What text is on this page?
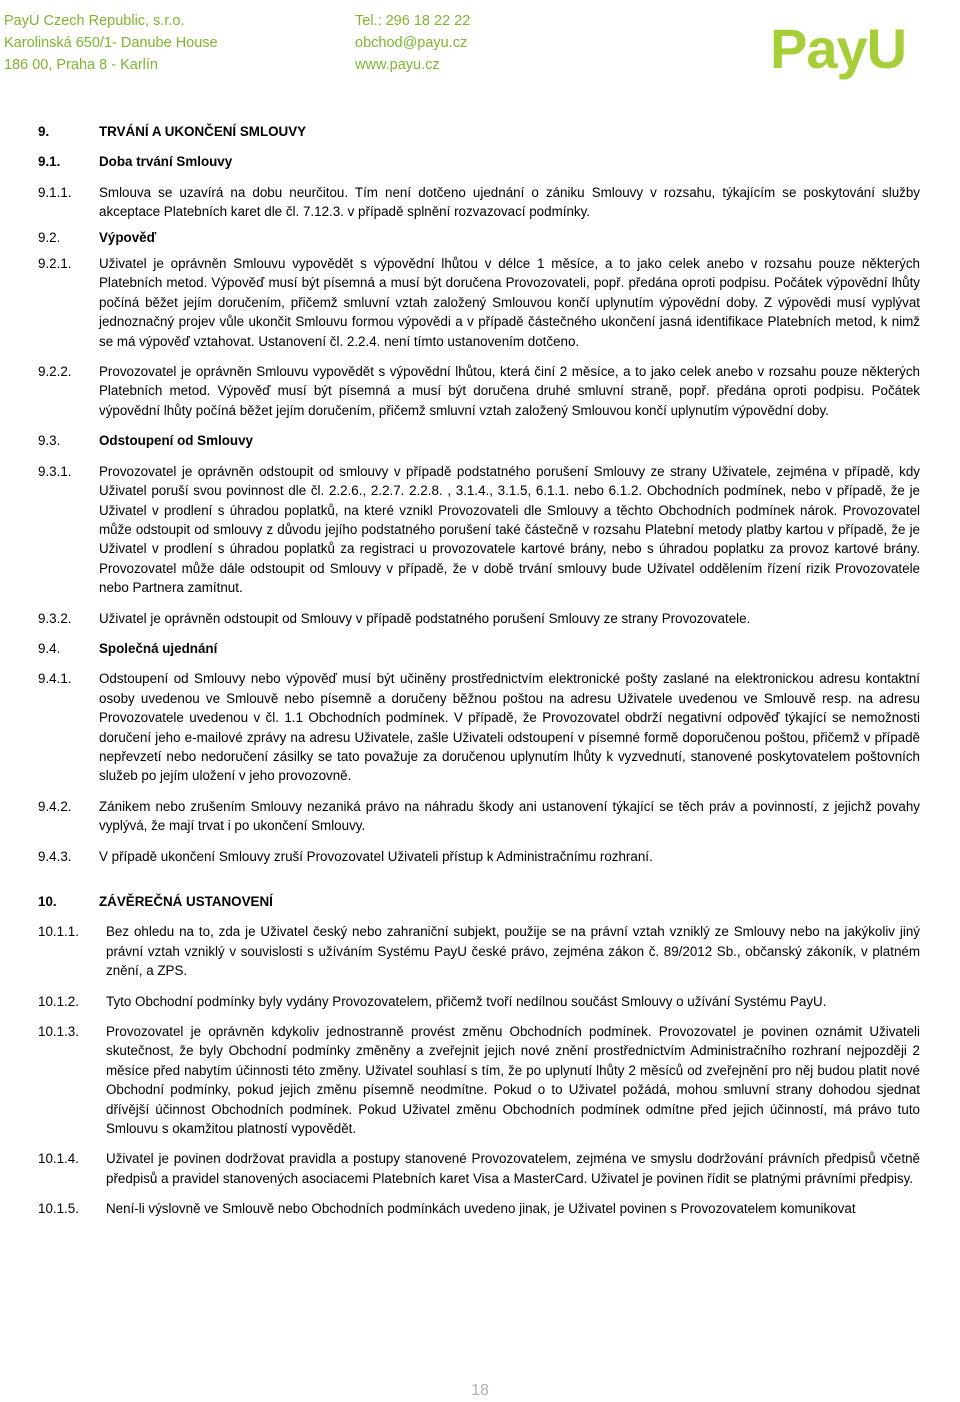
PayU Czech Republic, s.r.o.
Karolinská 650/1- Danube House
186 00, Praha 8 - Karlín
Tel.: 296 18 22 22
obchod@payu.cz
www.payu.cz	PayU
9.	TRVÁNÍ A UKONČENÍ SMLOUVY
9.1.	Doba trvání Smlouvy
9.1.1. Smlouva se uzavírá na dobu neurčitou. Tím není dotčeno ujednání o zániku Smlouvy v rozsahu, týkajícím se poskytování služby akceptace Platebních karet dle čl. 7.12.3. v případě splnění rozvazovací podmínky.
9.2.	Výpověď
9.2.1. Uživatel je oprávněn Smlouvu vypovědět s výpovědní lhůtou v délce 1 měsíce, a to jako celek anebo v rozsahu pouze některých Platebních metod. Výpověď musí být písemná a musí být doručena Provozovateli, popř. předána oproti podpisu. Počátek výpovědní lhůty počíná běžet jejím doručením, přičemž smluvní vztah založený Smlouvou končí uplynutím výpovědní doby. Z výpovědi musí vyplývat jednoznačný projev vůle ukončit Smlouvu formou výpovědi a v případě částečného ukončení jasná identifikace Platebních metod, k nimž se má výpověď vztahovat. Ustanovení čl. 2.2.4. není tímto ustanovením dotčeno.
9.2.2. Provozovatel je oprávněn Smlouvu vypovědět s výpovědní lhůtou, která činí 2 měsíce, a to jako celek anebo v rozsahu pouze některých Platebních metod. Výpověď musí být písemná a musí být doručena druhé smluvní straně, popř. předána oproti podpisu. Počátek výpovědní lhůty počíná běžet jejím doručením, přičemž smluvní vztah založený Smlouvou končí uplynutím výpovědní doby.
9.3.	Odstoupení od Smlouvy
9.3.1. Provozovatel je oprávněn odstoupit od smlouvy v případě podstatného porušení Smlouvy ze strany Uživatele, zejména v případě, kdy Uživatel poruší svou povinnost dle čl. 2.2.6., 2.2.7. 2.2.8. , 3.1.4., 3.1.5, 6.1.1. nebo 6.1.2. Obchodních podmínek, nebo v případě, že je Uživatel v prodlení s úhradou poplatků, na které vznikl Provozovateli dle Smlouvy a těchto Obchodních podmínek nárok. Provozovatel může odstoupit od smlouvy z důvodu jejího podstatného porušení také částečně v rozsahu Platební metody platby kartou v případě, že je Uživatel v prodlení s úhradou poplatků za registraci u provozovatele kartové brány, nebo s úhradou poplatku za provoz kartové brány. Provozovatel může dále odstoupit od Smlouvy v případě, že v době trvání smlouvy bude Uživatel oddělením řízení rizik Provozovatele nebo Partnera zamítnut.
9.3.2. Uživatel je oprávněn odstoupit od Smlouvy v případě podstatného porušení Smlouvy ze strany Provozovatele.
9.4.	Společná ujednání
9.4.1. Odstoupení od Smlouvy nebo výpověď musí být učiněny prostřednictvím elektronické pošty zaslané na elektronickou adresu kontaktní osoby uvedenou ve Smlouvě nebo písemně a doručeny běžnou poštou na adresu Uživatele uvedenou ve Smlouvě resp. na adresu Provozovatele uvedenou v čl. 1.1 Obchodních podmínek. V případě, že Provozovatel obdrží negativní odpověď týkající se nemožnosti doručení jeho e-mailové zprávy na adresu Uživatele, zašle Uživateli odstoupení v písemné formě doporučenou poštou, přičemž v případě nepřevzetí nebo nedoručení zásilky se tato považuje za doručenou uplynutím lhůty k vyzvednutí, stanovené poskytovatelem poštovních služeb po jejím uložení v jeho provozovně.
9.4.2. Zánikem nebo zrušením Smlouvy nezaniká právo na náhradu škody ani ustanovení týkající se těch práv a povinností, z jejichž povahy vyplývá, že mají trvat i po ukončení Smlouvy.
9.4.3. V případě ukončení Smlouvy zruší Provozovatel Uživateli přístup k Administračnímu rozhraní.
10.	ZÁVĚREČNÁ USTANOVENÍ
10.1.1. Bez ohledu na to, zda je Uživatel český nebo zahraniční subjekt, použije se na právní vztah vzniklý ze Smlouvy nebo na jakýkoliv jiný právní vztah vzniklý v souvislosti s užíváním Systému PayU české právo, zejména zákon č. 89/2012 Sb., občanský zákoník, v platném znění, a ZPS.
10.1.2. Tyto Obchodní podmínky byly vydány Provozovatelem, přičemž tvoří nedílnou součást Smlouvy o užívání Systému PayU.
10.1.3. Provozovatel je oprávněn kdykoliv jednostranně provést změnu Obchodních podmínek. Provozovatel je povinen oznámit Uživateli skutečnost, že byly Obchodní podmínky změněny a zveřejnit jejich nové znění prostřednictvím Administračního rozhraní nejpozději 2 měsíce před nabytím účinnosti této změny. Uživatel souhlasí s tím, že po uplynutí lhůty 2 měsíců od zveřejnění pro něj budou platit nové Obchodní podmínky, pokud jejich změnu písemně neodmítne. Pokud o to Uživatel požádá, mohou smluvní strany dohodou sjednat dřívější účinnost Obchodních podmínek. Pokud Uživatel změnu Obchodních podmínek odmítne před jejich účinností, má právo tuto Smlouvu s okamžitou platností vypovědět.
10.1.4. Uživatel je povinen dodržovat pravidla a postupy stanovené Provozovatelem, zejména ve smyslu dodržování právních předpisů včetně předpisů a pravidel stanovených asociacemi Platebních karet Visa a MasterCard. Uživatel je povinen řídit se platnými právními předpisy.
10.1.5. Není-li výslovně ve Smlouvě nebo Obchodních podmínkách uvedeno jinak, je Uživatel povinen s Provozovatelem komunikovat
18
